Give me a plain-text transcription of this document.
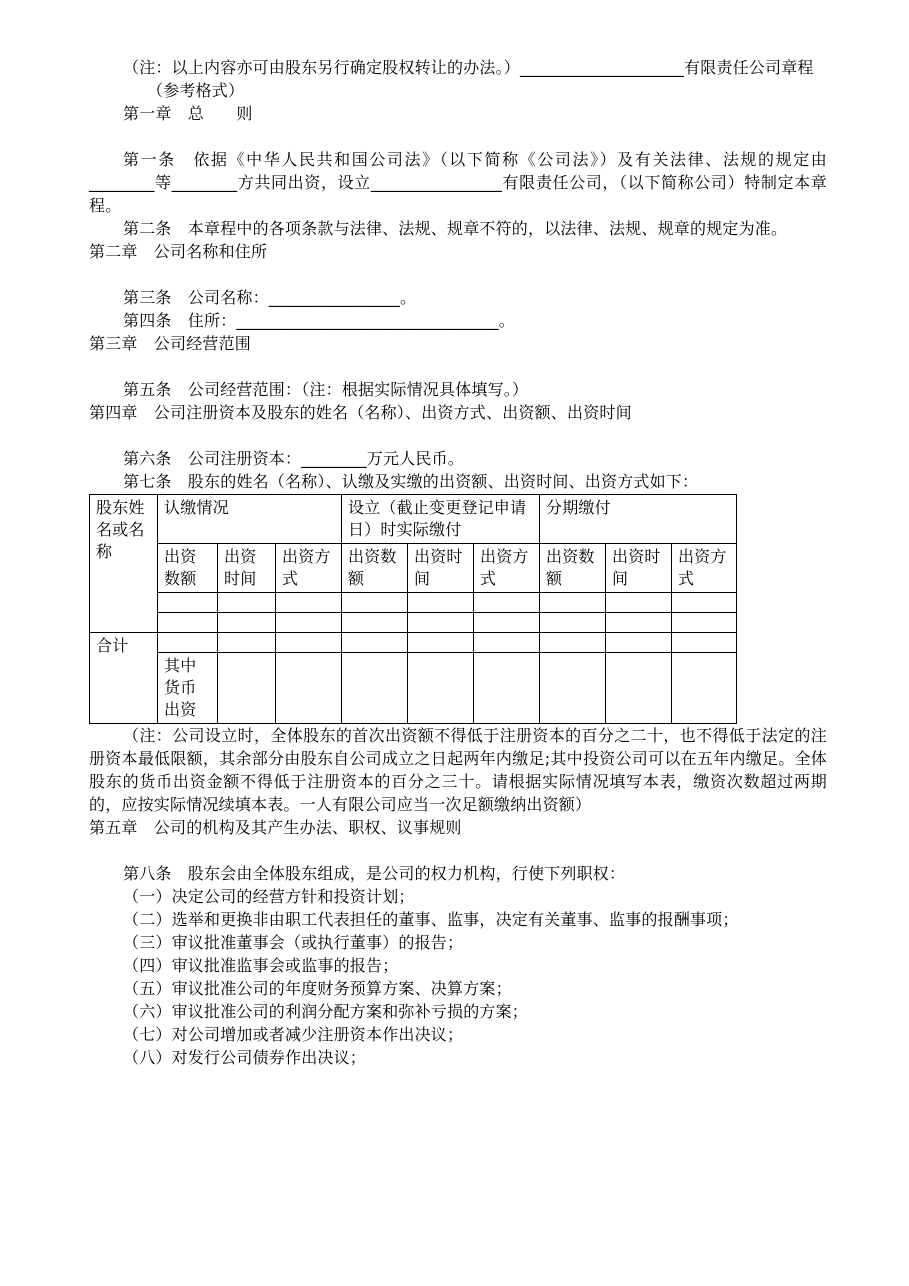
（注：以上内容亦可由股东另行确定股权转让的办法。）____________________有限责任公司章程

（参考格式）

第一章　总　　则

第一条　依据《中华人民共和国公司法》（以下简称《公司法》）及有关法律、法规的规定由________等________方共同出资，设立________________有限责任公司，（以下简称公司）特制定本章程。

第二条　本章程中的各项条款与法律、法规、规章不符的，以法律、法规、规章的规定为准。

第二章　公司名称和住所

第三条　公司名称：________________。

第四条　住所：________________________________。

第三章　公司经营范围

第五条　公司经营范围：（注：根据实际情况具体填写。）

第四章　公司注册资本及股东的姓名（名称）、出资方式、出资额、出资时间

第六条　公司注册资本：________万元人民币。

第七条　股东的姓名（名称）、认缴及实缴的出资额、出资时间、出资方式如下：

股东姓名或名称	认缴情况			设立（截止变更登记申请日）时实际缴付			分期缴付		
	出资数额	出资时间	出资方式	出资数额	出资时间	出资方式	出资数额	出资时间	出资方式

合计									
	其中货币出资								

（注：公司设立时，全体股东的首次出资额不得低于注册资本的百分之二十，也不得低于法定的注册资本最低限额，其余部分由股东自公司成立之日起两年内缴足;其中投资公司可以在五年内缴足。全体股东的货币出资金额不得低于注册资本的百分之三十。请根据实际情况填写本表，缴资次数超过两期的，应按实际情况续填本表。一人有限公司应当一次足额缴纳出资额）

第五章　公司的机构及其产生办法、职权、议事规则

第八条　股东会由全体股东组成，是公司的权力机构，行使下列职权：

（一）决定公司的经营方针和投资计划；

（二）选举和更换非由职工代表担任的董事、监事，决定有关董事、监事的报酬事项；

（三）审议批准董事会（或执行董事）的报告；

（四）审议批准监事会或监事的报告；

（五）审议批准公司的年度财务预算方案、决算方案；

（六）审议批准公司的利润分配方案和弥补亏损的方案；

（七）对公司增加或者减少注册资本作出决议；

（八）对发行公司债券作出决议；
